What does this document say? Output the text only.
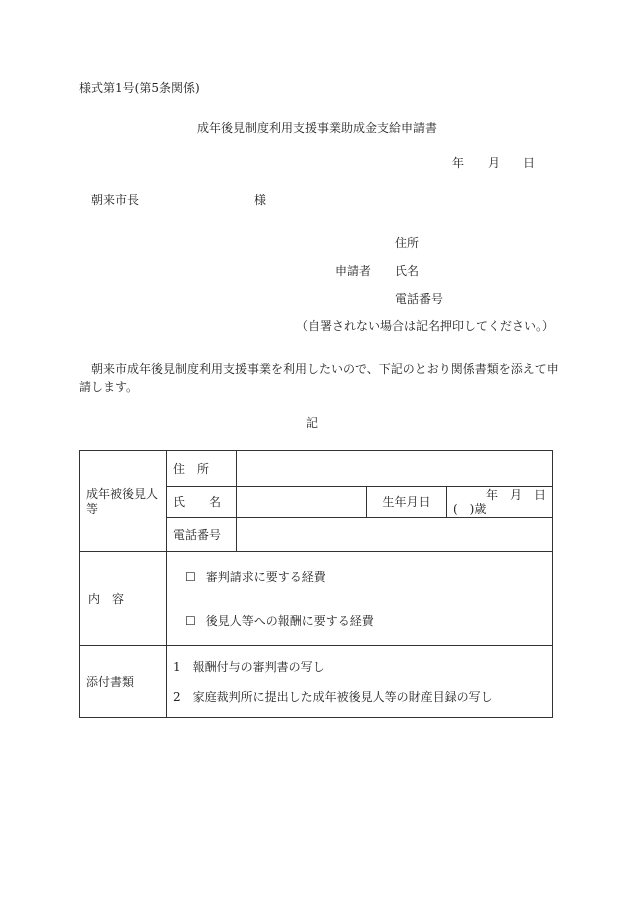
様式第1号(第5条関係)
成年後見制度利用支援事業助成金支給申請書
年 月 日
朝来市長	様
住所
申請者 氏名
電話番号
（自署されない場合は記名押印してください。）
朝来市成年後見制度利用支援事業を利用したいので、下記のとおり関係書類を添えて申
請します。
記
成年被後見人等	住　所			
	氏　　名		生年月日	年　月　日
(　)歳

	電話番号			
内　容	☐ 審判請求に要する経費
☐ 後見人等への報酬に要する経費			

添付書類	1　報酬付与の審判書の写し
2　家庭裁判所に提出した成年被後見人等の財産目録の写し			
